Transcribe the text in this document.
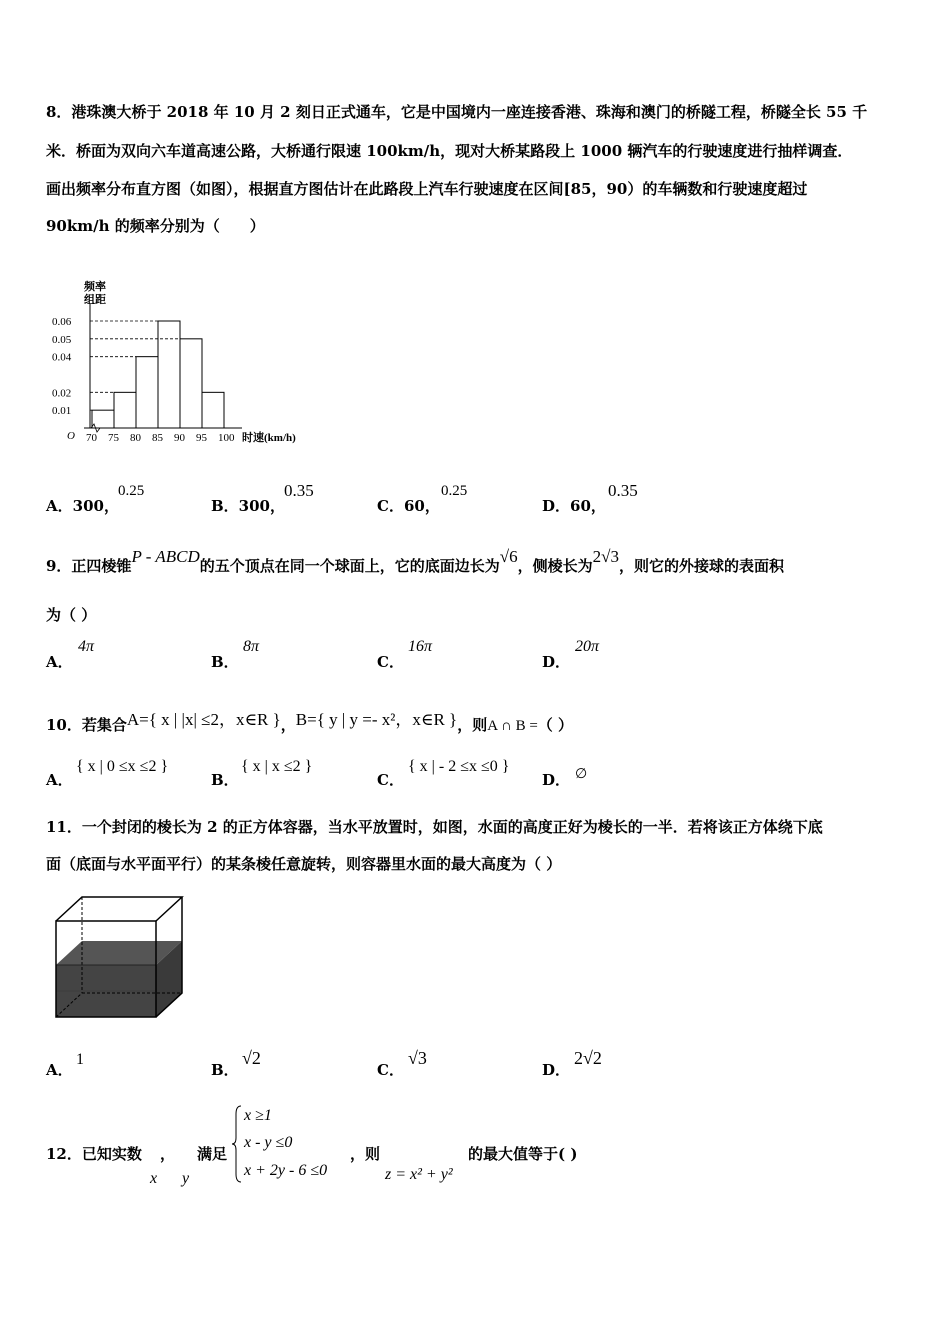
8．港珠澳大桥于 2018 年 10 月 2 刻日正式通车，它是中国境内一座连接香港、珠海和澳门的桥隧工程，桥隧全长 55 千
米．桥面为双向六车道高速公路，大桥通行限速 100km/h，现对大桥某路段上 1000 辆汽车的行驶速度进行抽样调查．
画出频率分布直方图（如图），根据直方图估计在此路段上汽车行驶速度在区间[85，90）的车辆数和行驶速度超过
90km/h 的频率分别为（　　）
频率
组距
O	时速(km/h)
0.06
0.05
0.04
0.02
0.01
70 75 80 85 90 95 100
A．300，
0.25
B．300，
0.35
C．60，
0.25
D．60，
0.35
9．正四棱锥P - ABCD的五个顶点在同一个球面上，它的底面边长为√6，侧棱长为2√3，则它的外接球的表面积
为（ ）
A．
4π
B．
8π
C．
16π
D．
20π
10．若集合A={ x | |x| ≤2，x∈R }，B={ y | y =- x²，x∈R }，则A ∩ B =（ ）
A．
{ x | 0 ≤x ≤2 }
B．
{ x | x ≤2 }
C．
{ x | - 2 ≤x ≤0 }
D． ∅
11．一个封闭的棱长为 2 的正方体容器，当水平放置时，如图，水面的高度正好为棱长的一半．若将该正方体绕下底
面（底面与水平面平行）的某条棱任意旋转，则容器里水面的最大高度为（ ）
A．
1
B．
√2
C．
√3
D．
2√2
12．已知实数 ， 满足
x y
x ≥1
x - y ≤0
x + 2y - 6 ≤0
，则
z = x² + y²
的最大值等于( )
